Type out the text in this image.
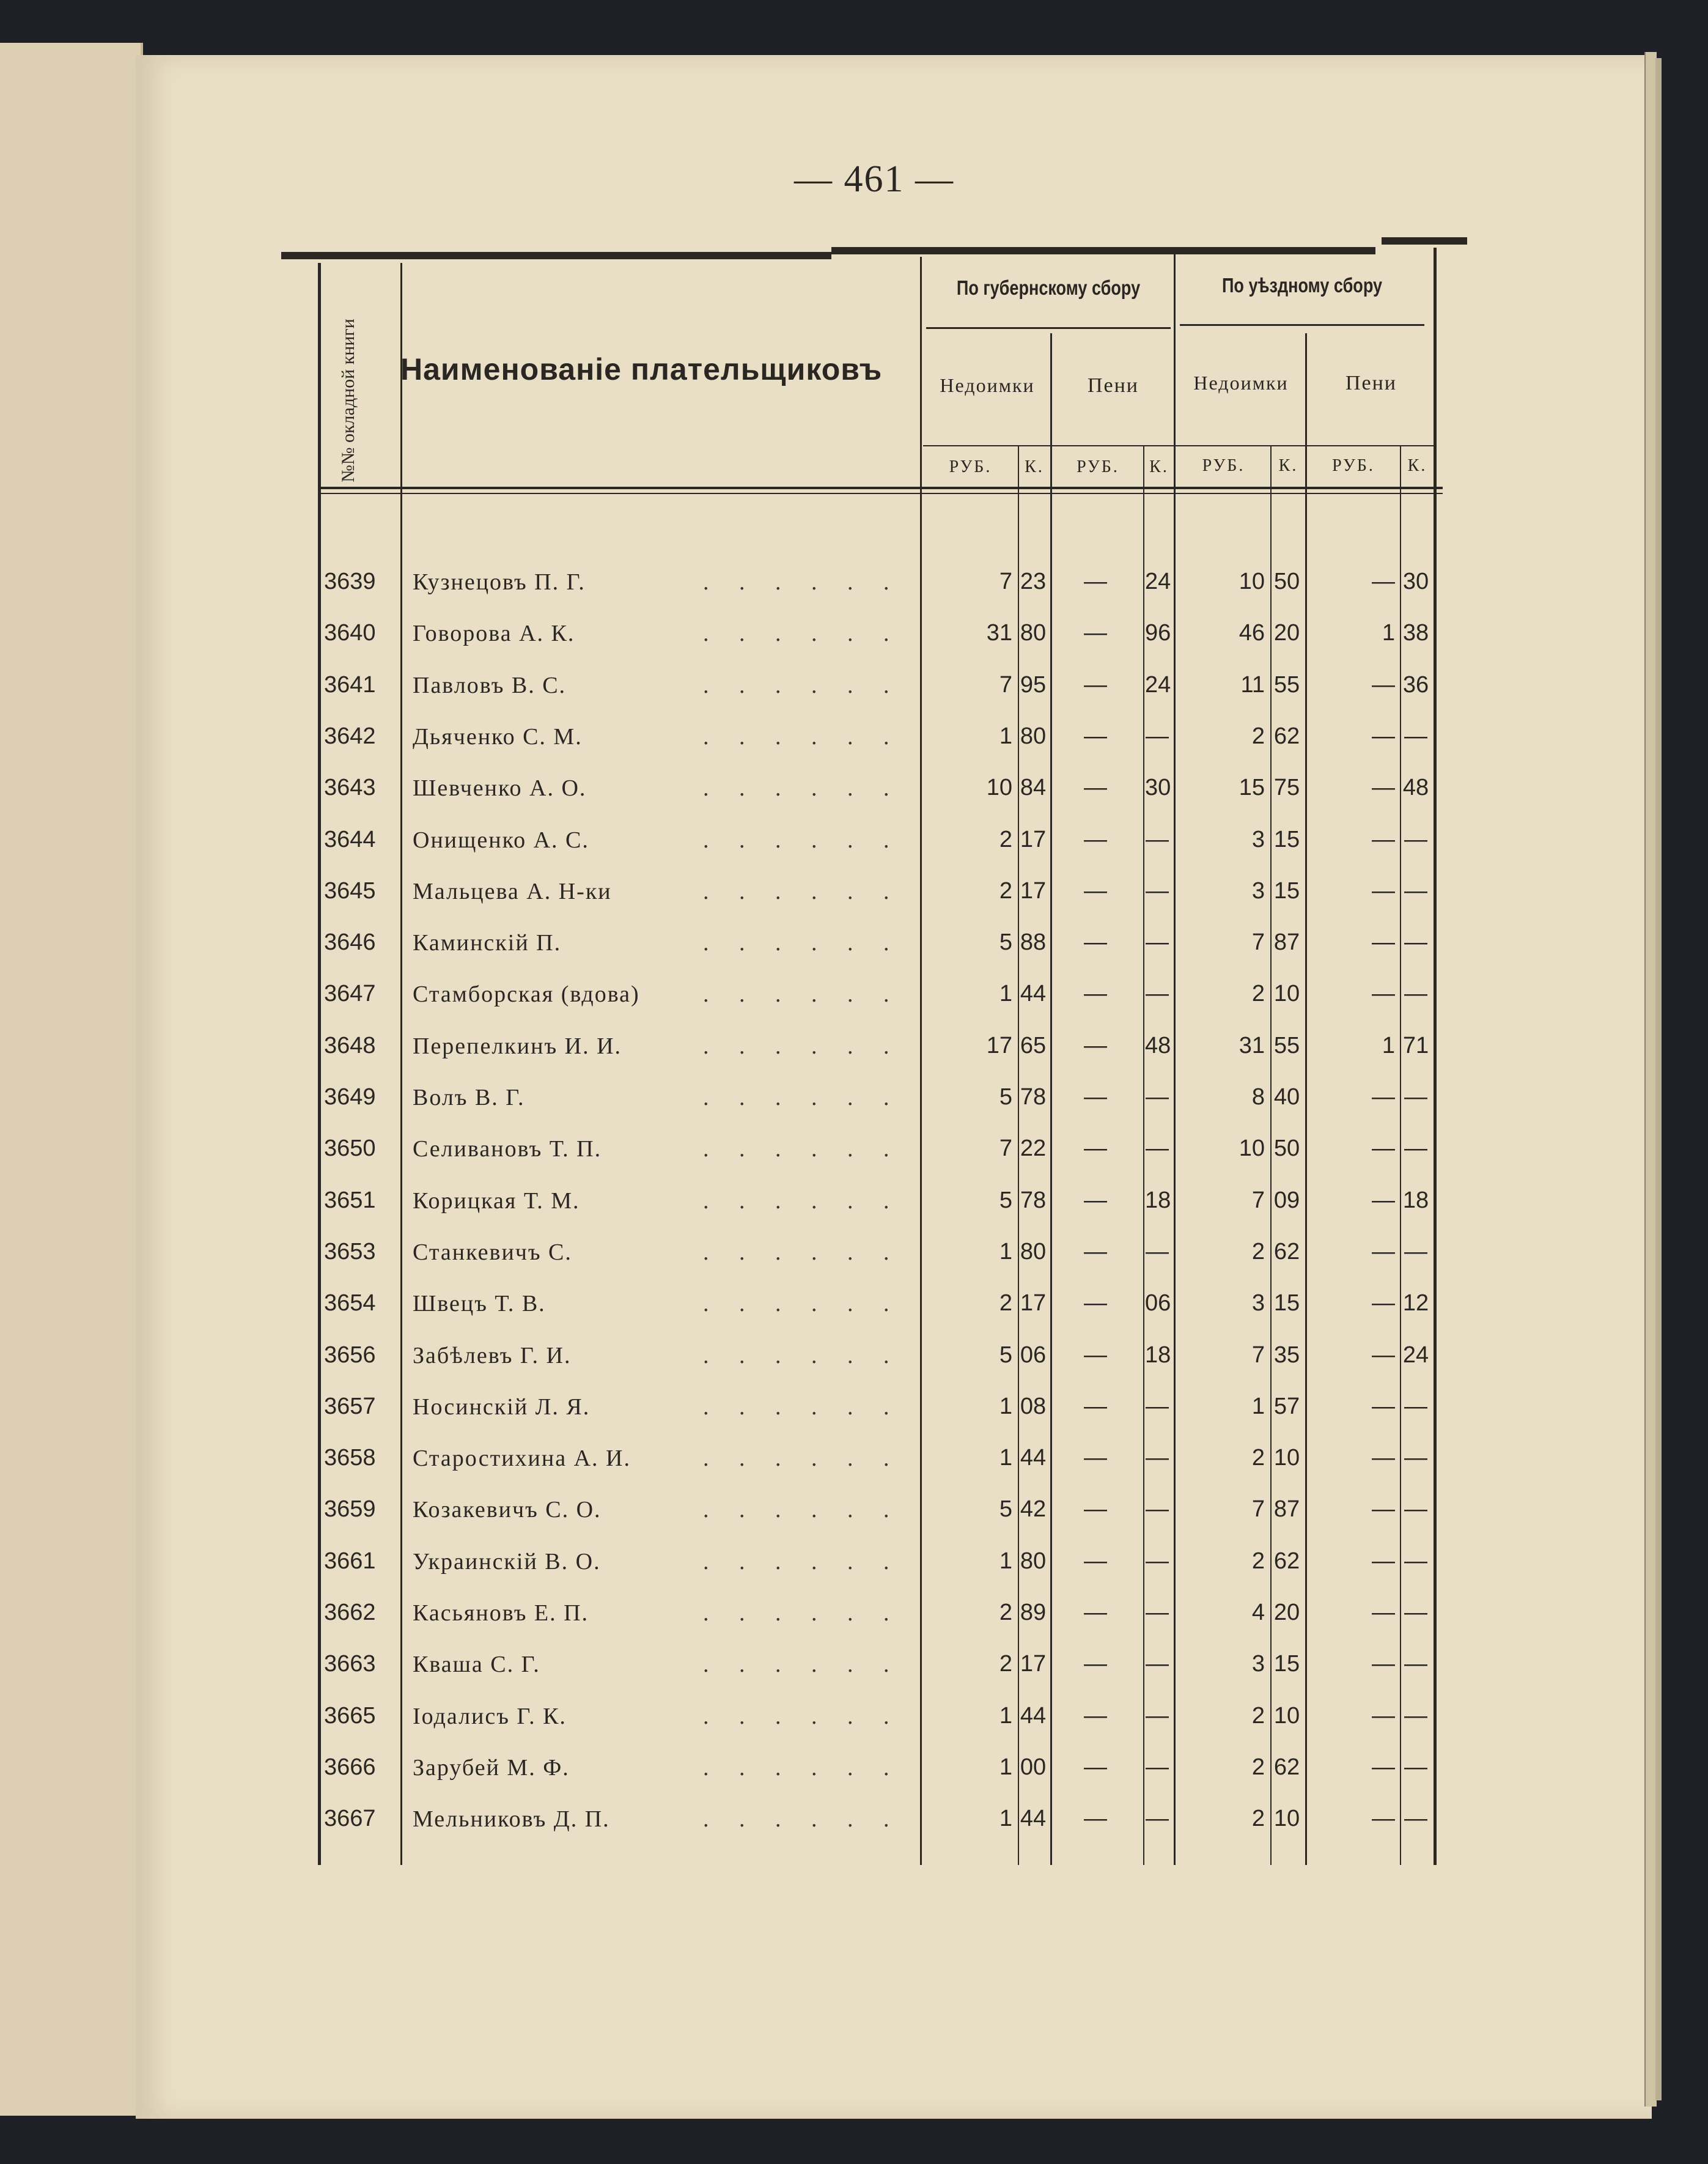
— 461 —
№№ окладной книги Наименованіе плательщиковъ
По губернскому сбору	По уѣздному сбору
Недоимки	Пени	Недоимки	Пени
РУБ.	К.	РУБ.	К.	РУБ.	К.	РУБ.	К.
3639	Кузнецовъ П. Г.	. . . . . .	7 23	—	24	10 50	— 30
3640	Говорова А. К.	. . . . . .	31 80	—	96	46 20	1 38
3641	Павловъ В. С.	. . . . . .	7 95	—	24	11 55	— 36
3642	Дьяченко С. М.	. . . . . .	1 80	—	—	2 62	— —
3643	Шевченко А. О.	. . . . . .	10 84	—	30	15 75	— 48
3644	Онищенко А. С.	. . . . . .	2 17	—	—	3 15	— —
3645	Мальцева А. Н-ки	. . . . . .	2 17	—	—	3 15	— —
3646	Каминскій П.	. . . . . .	5 88	—	—	7 87	— —
3647	Стамборская (вдова)	. . . . . .	1 44	—	—	2 10	— —
3648	Перепелкинъ И. И.	. . . . . .	17 65	—	48	31 55	1 71
3649	Волъ В. Г.	. . . . . .	5 78	—	—	8 40	— —
3650	Селивановъ Т. П.	. . . . . .	7 22	—	—	10 50	— —
3651	Корицкая Т. М.	. . . . . .	5 78	—	18	7 09	— 18
3653	Станкевичъ С.	. . . . . .	1 80	—	—	2 62	— —
3654	Швецъ Т. В.	. . . . . .	2 17	—	06	3 15	— 12
3656	Забѣлевъ Г. И.	. . . . . .	5 06	—	18	7 35	— 24
3657	Носинскій Л. Я.	. . . . . .	1 08	—	—	1 57	— —
3658	Старостихина А. И.	. . . . . .	1 44	—	—	2 10	— —
3659	Козакевичъ С. О.	. . . . . .	5 42	—	—	7 87	— —
3661	Украинскій В. О.	. . . . . .	1 80	—	—	2 62	— —
3662	Касьяновъ Е. П.	. . . . . .	2 89	—	—	4 20	— —
3663	Кваша С. Г.	. . . . . .	2 17	—	—	3 15	— —
3665	Іодалисъ Г. К.	. . . . . .	1 44	—	—	2 10	— —
3666	Зарубей М. Ф.	. . . . . .	1 00	—	—	2 62	— —
3667	Мельниковъ Д. П.	. . . . . .	1 44	—	—	2 10	— —
